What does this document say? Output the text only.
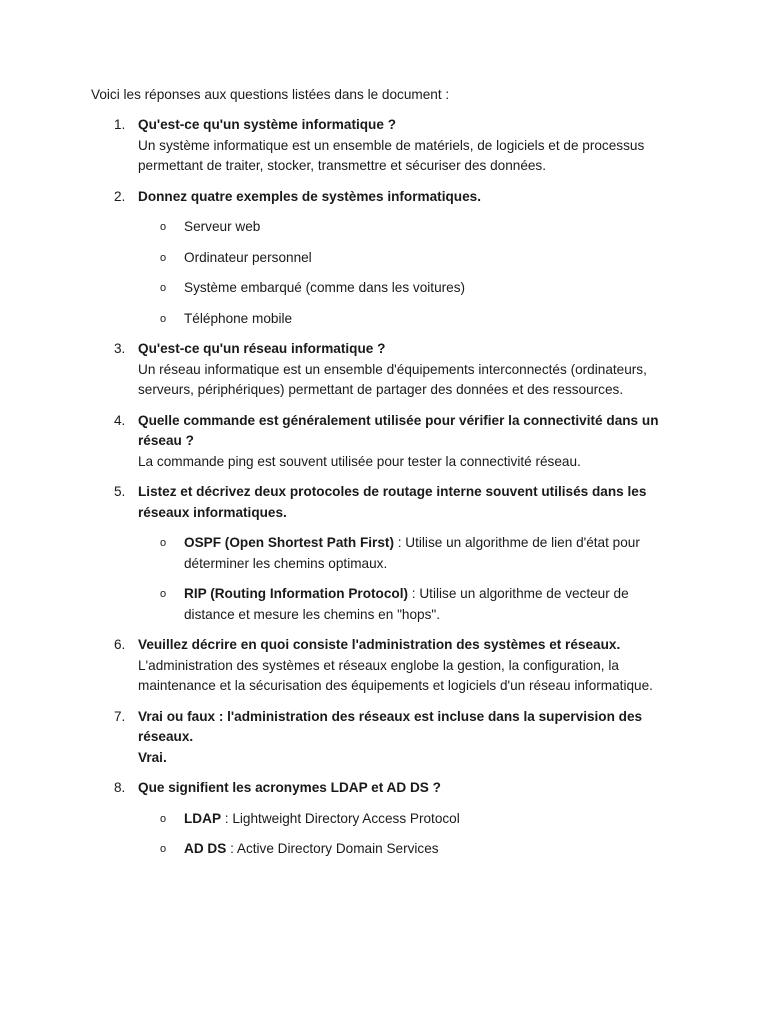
Voici les réponses aux questions listées dans le document :

1. Qu'est-ce qu'un système informatique ?
Un système informatique est un ensemble de matériels, de logiciels et de processus permettant de traiter, stocker, transmettre et sécuriser des données.
2. Donnez quatre exemples de systèmes informatiques.
o Serveur web
o Ordinateur personnel
o Système embarqué (comme dans les voitures)
o Téléphone mobile
3. Qu'est-ce qu'un réseau informatique ?
Un réseau informatique est un ensemble d'équipements interconnectés (ordinateurs, serveurs, périphériques) permettant de partager des données et des ressources.
4. Quelle commande est généralement utilisée pour vérifier la connectivité dans un réseau ?
La commande ping est souvent utilisée pour tester la connectivité réseau.
5. Listez et décrivez deux protocoles de routage interne souvent utilisés dans les réseaux informatiques.
o OSPF (Open Shortest Path First) : Utilise un algorithme de lien d'état pour déterminer les chemins optimaux.
o RIP (Routing Information Protocol) : Utilise un algorithme de vecteur de distance et mesure les chemins en "hops".
6. Veuillez décrire en quoi consiste l'administration des systèmes et réseaux.
L'administration des systèmes et réseaux englobe la gestion, la configuration, la maintenance et la sécurisation des équipements et logiciels d'un réseau informatique.
7. Vrai ou faux : l'administration des réseaux est incluse dans la supervision des réseaux.
Vrai.
8. Que signifient les acronymes LDAP et AD DS ?
o LDAP : Lightweight Directory Access Protocol
o AD DS : Active Directory Domain Services
